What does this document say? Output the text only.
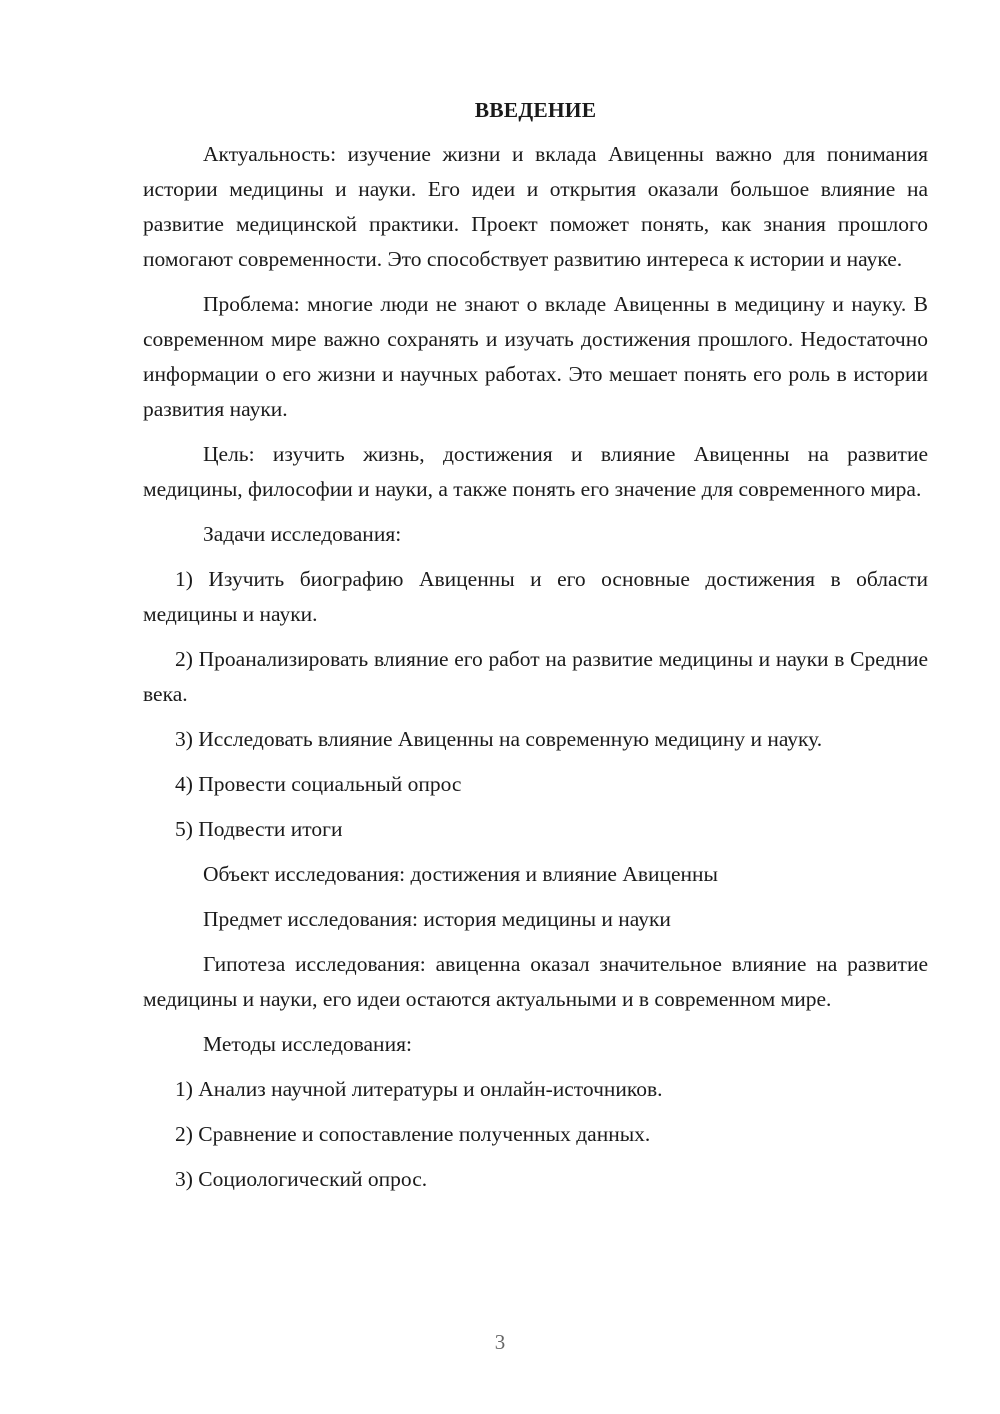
ВВЕДЕНИЕ
Актуальность: изучение жизни и вклада Авиценны важно для понимания истории медицины и науки. Его идеи и открытия оказали большое влияние на развитие медицинской практики. Проект поможет понять, как знания прошлого помогают современности. Это способствует развитию интереса к истории и науке.
Проблема: многие люди не знают о вкладе Авиценны в медицину и науку. В современном мире важно сохранять и изучать достижения прошлого. Недостаточно информации о его жизни и научных работах. Это мешает понять его роль в истории развития науки.
Цель: изучить жизнь, достижения и влияние Авиценны на развитие медицины, философии и науки, а также понять его значение для современного мира.
Задачи исследования:
1) Изучить биографию Авиценны и его основные достижения в области медицины и науки.
2) Проанализировать влияние его работ на развитие медицины и науки в Средние века.
3) Исследовать влияние Авиценны на современную медицину и науку.
4) Провести социальный опрос
5) Подвести итоги
Объект исследования: достижения и влияние Авиценны
Предмет исследования: история медицины и науки
Гипотеза исследования: авиценна оказал значительное влияние на развитие медицины и науки, его идеи остаются актуальными и в современном мире.
Методы исследования:
1) Анализ научной литературы и онлайн-источников.
2) Сравнение и сопоставление полученных данных.
3) Социологический опрос.
3
